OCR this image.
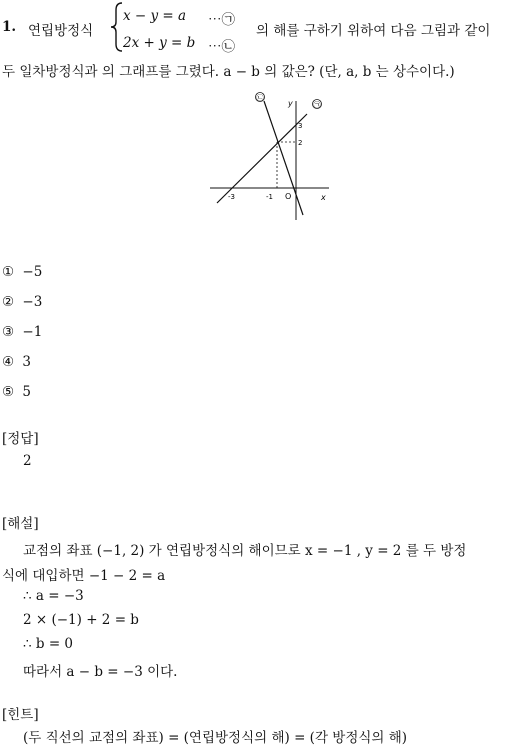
1. 연립방정식
x − y = a ⋯㉠
2x + y = b ⋯㉡
의 해를 구하기 위하여 다음 그림과 같이
두 일차방정식과 의 그래프를 그렸다. a − b 의 값은? (단, a, b 는 상수이다.)
㉡
㉠
y
x
3
2
-3	-1 O
① −5
② −3
③ −1
④ 3
⑤ 5
[정답]
2
[해설]
교점의 좌표 (−1, 2) 가 연립방정식의 해이므로 x = −1 , y = 2 를 두 방정
식에 대입하면 −1 − 2 = a
∴ a = −3
2 × (−1) + 2 = b
∴ b = 0
따라서 a − b = −3 이다.
[힌트]
(두 직선의 교점의 좌표) = (연립방정식의 해) = (각 방정식의 해)
